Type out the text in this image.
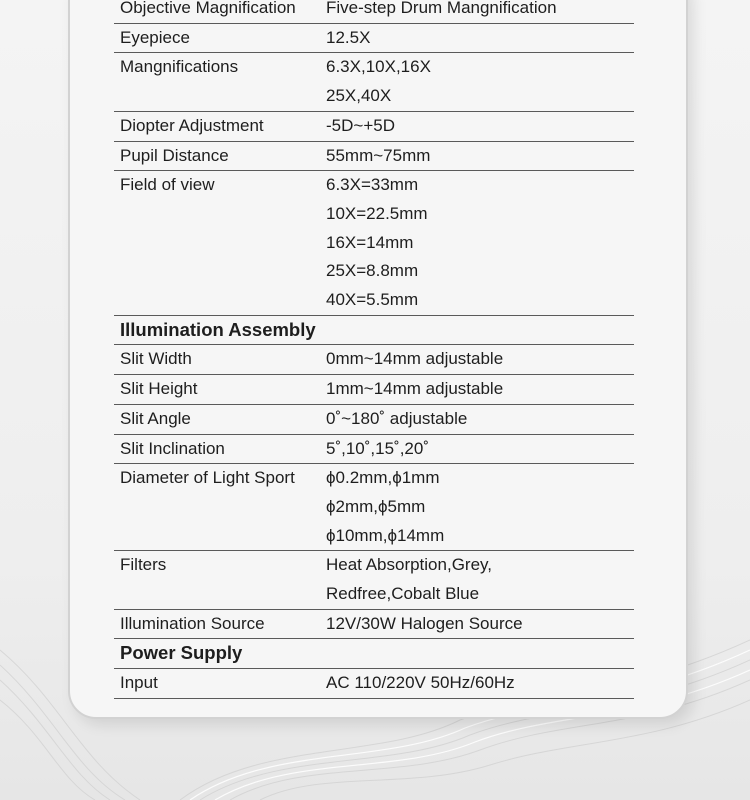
Objective Magnification	Five-step Drum Mangnification
Eyepiece	12.5X
Mangnifications	6.3X,10X,16X
25X,40X
Diopter Adjustment	-5D~+5D
Pupil Distance	55mm~75mm
Field of view	6.3X=33mm
10X=22.5mm
16X=14mm
25X=8.8mm
40X=5.5mm
Illumination Assembly
Slit Width	0mm~14mm adjustable
Slit Height	1mm~14mm adjustable
Slit Angle	0˚~180˚ adjustable
Slit Inclination	5˚,10˚,15˚,20˚
Diameter of Light Sport	ϕ0.2mm,ϕ1mm
ϕ2mm,ϕ5mm
ϕ10mm,ϕ14mm
Filters	Heat Absorption,Grey,
Redfree,Cobalt Blue
Illumination Source	12V/30W Halogen Source
Power Supply
Input	AC 110/220V 50Hz/60Hz
